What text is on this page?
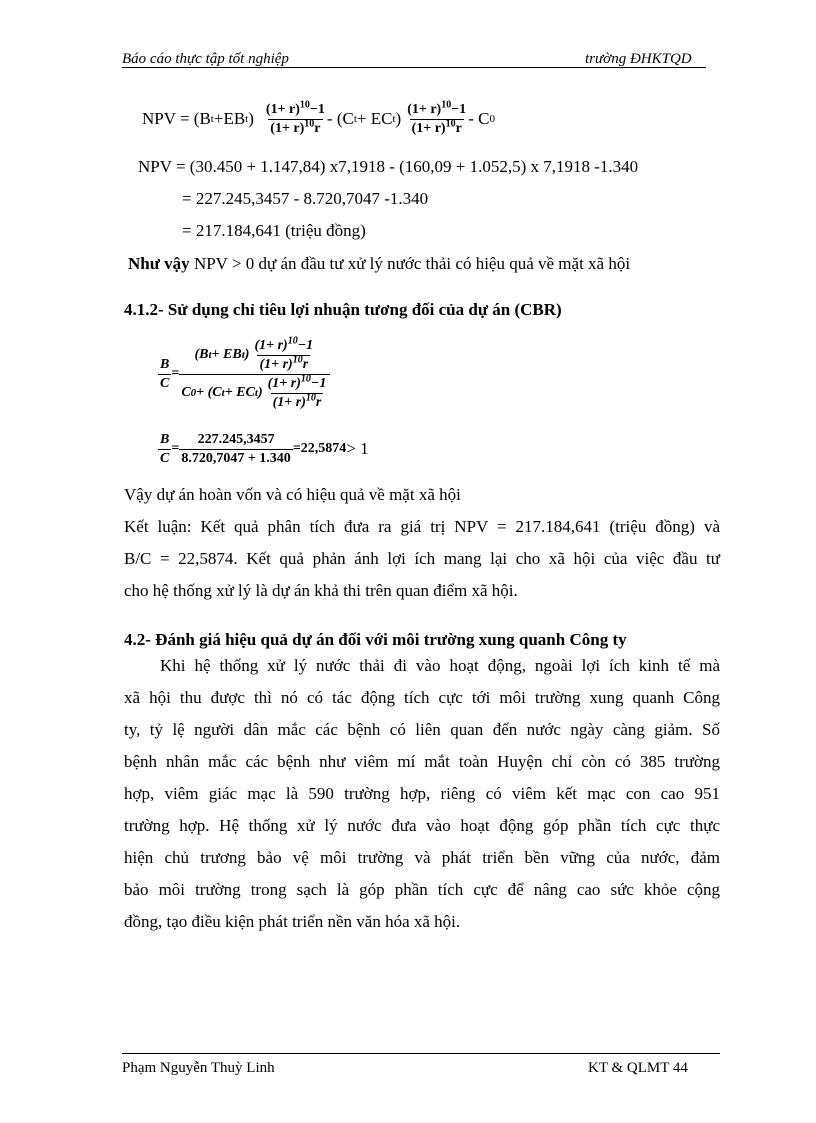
Báo cáo thực tập tốt nghiệp	trường ĐHKTQD
NPV = (B t +EB t ) $\frac{(1+ r)^{10}-1}{(1+ r)^{10}r} - (C$ t + EC t ) $\frac{(1+ r)^{10}-1}{(1+ r)^{10}r}$ - C 0
NPV = (30.450 + 1.147,84) x7,1918 - (160,09 + 1.052,5) x 7,1918 -1.340
= 227.245,3457 - 8.720,7047 -1.340
= 217.184,641 (triệu đồng)
Như vậy NPV > 0 dự án đầu tư xử lý nước thải có hiệu quả về mặt xã hội
4.1.2- Sử dụng chỉ tiêu lợi nhuận tương đối của dự án (CBR)
$\frac{B}{C} = \frac{(B t + EB t ) \frac{(1+ r)^{10}-1}{(1+ r)^{10}r}}{C 0 + (C t + EC t ) \frac{(1+ r)^{10}-1}{(1+ r)^{10}r}}$
$\frac{B}{C} = \frac{227.245,3457}{8.720,7047 + 1.340} =22,5874 > 1$
Vậy dự án hoàn vốn và có hiệu quả về mặt xã hội
Kết luận: Kết quả phân tích đưa ra giá trị NPV = 217.184,641 (triệu đồng) và
B/C = 22,5874. Kết quả phản ánh lợi ích mang lại cho xã hội của việc đầu tư
cho hệ thống xử lý là dự án khả thi trên quan điểm xã hội.
4.2- Đánh giá hiệu quả dự án đối với môi trường xung quanh Công ty
Khi hệ thống xử lý nước thải đi vào hoạt động, ngoài lợi ích kinh tế mà
xã hội thu được thì nó có tác động tích cực tới môi trường xung quanh Công
ty, tỷ lệ người dân mắc các bệnh có liên quan đến nước ngày càng giảm. Số
bệnh nhân mắc các bệnh như viêm mí mắt toàn Huyện chỉ còn có 385 trường
hợp, viêm giác mạc là 590 trường hợp, riêng có viêm kết mạc con cao 951
trường hợp. Hệ thống xử lý nước đưa vào hoạt động góp phần tích cực thực
hiện chủ trương bảo vệ môi trường và phát triển bền vững của nước, đảm
bảo môi trường trong sạch là góp phần tích cực để nâng cao sức khỏe cộng
đồng, tạo điều kiện phát triển nền văn hóa xã hội.
Phạm Nguyễn Thuỳ Linh	KT & QLMT 44
